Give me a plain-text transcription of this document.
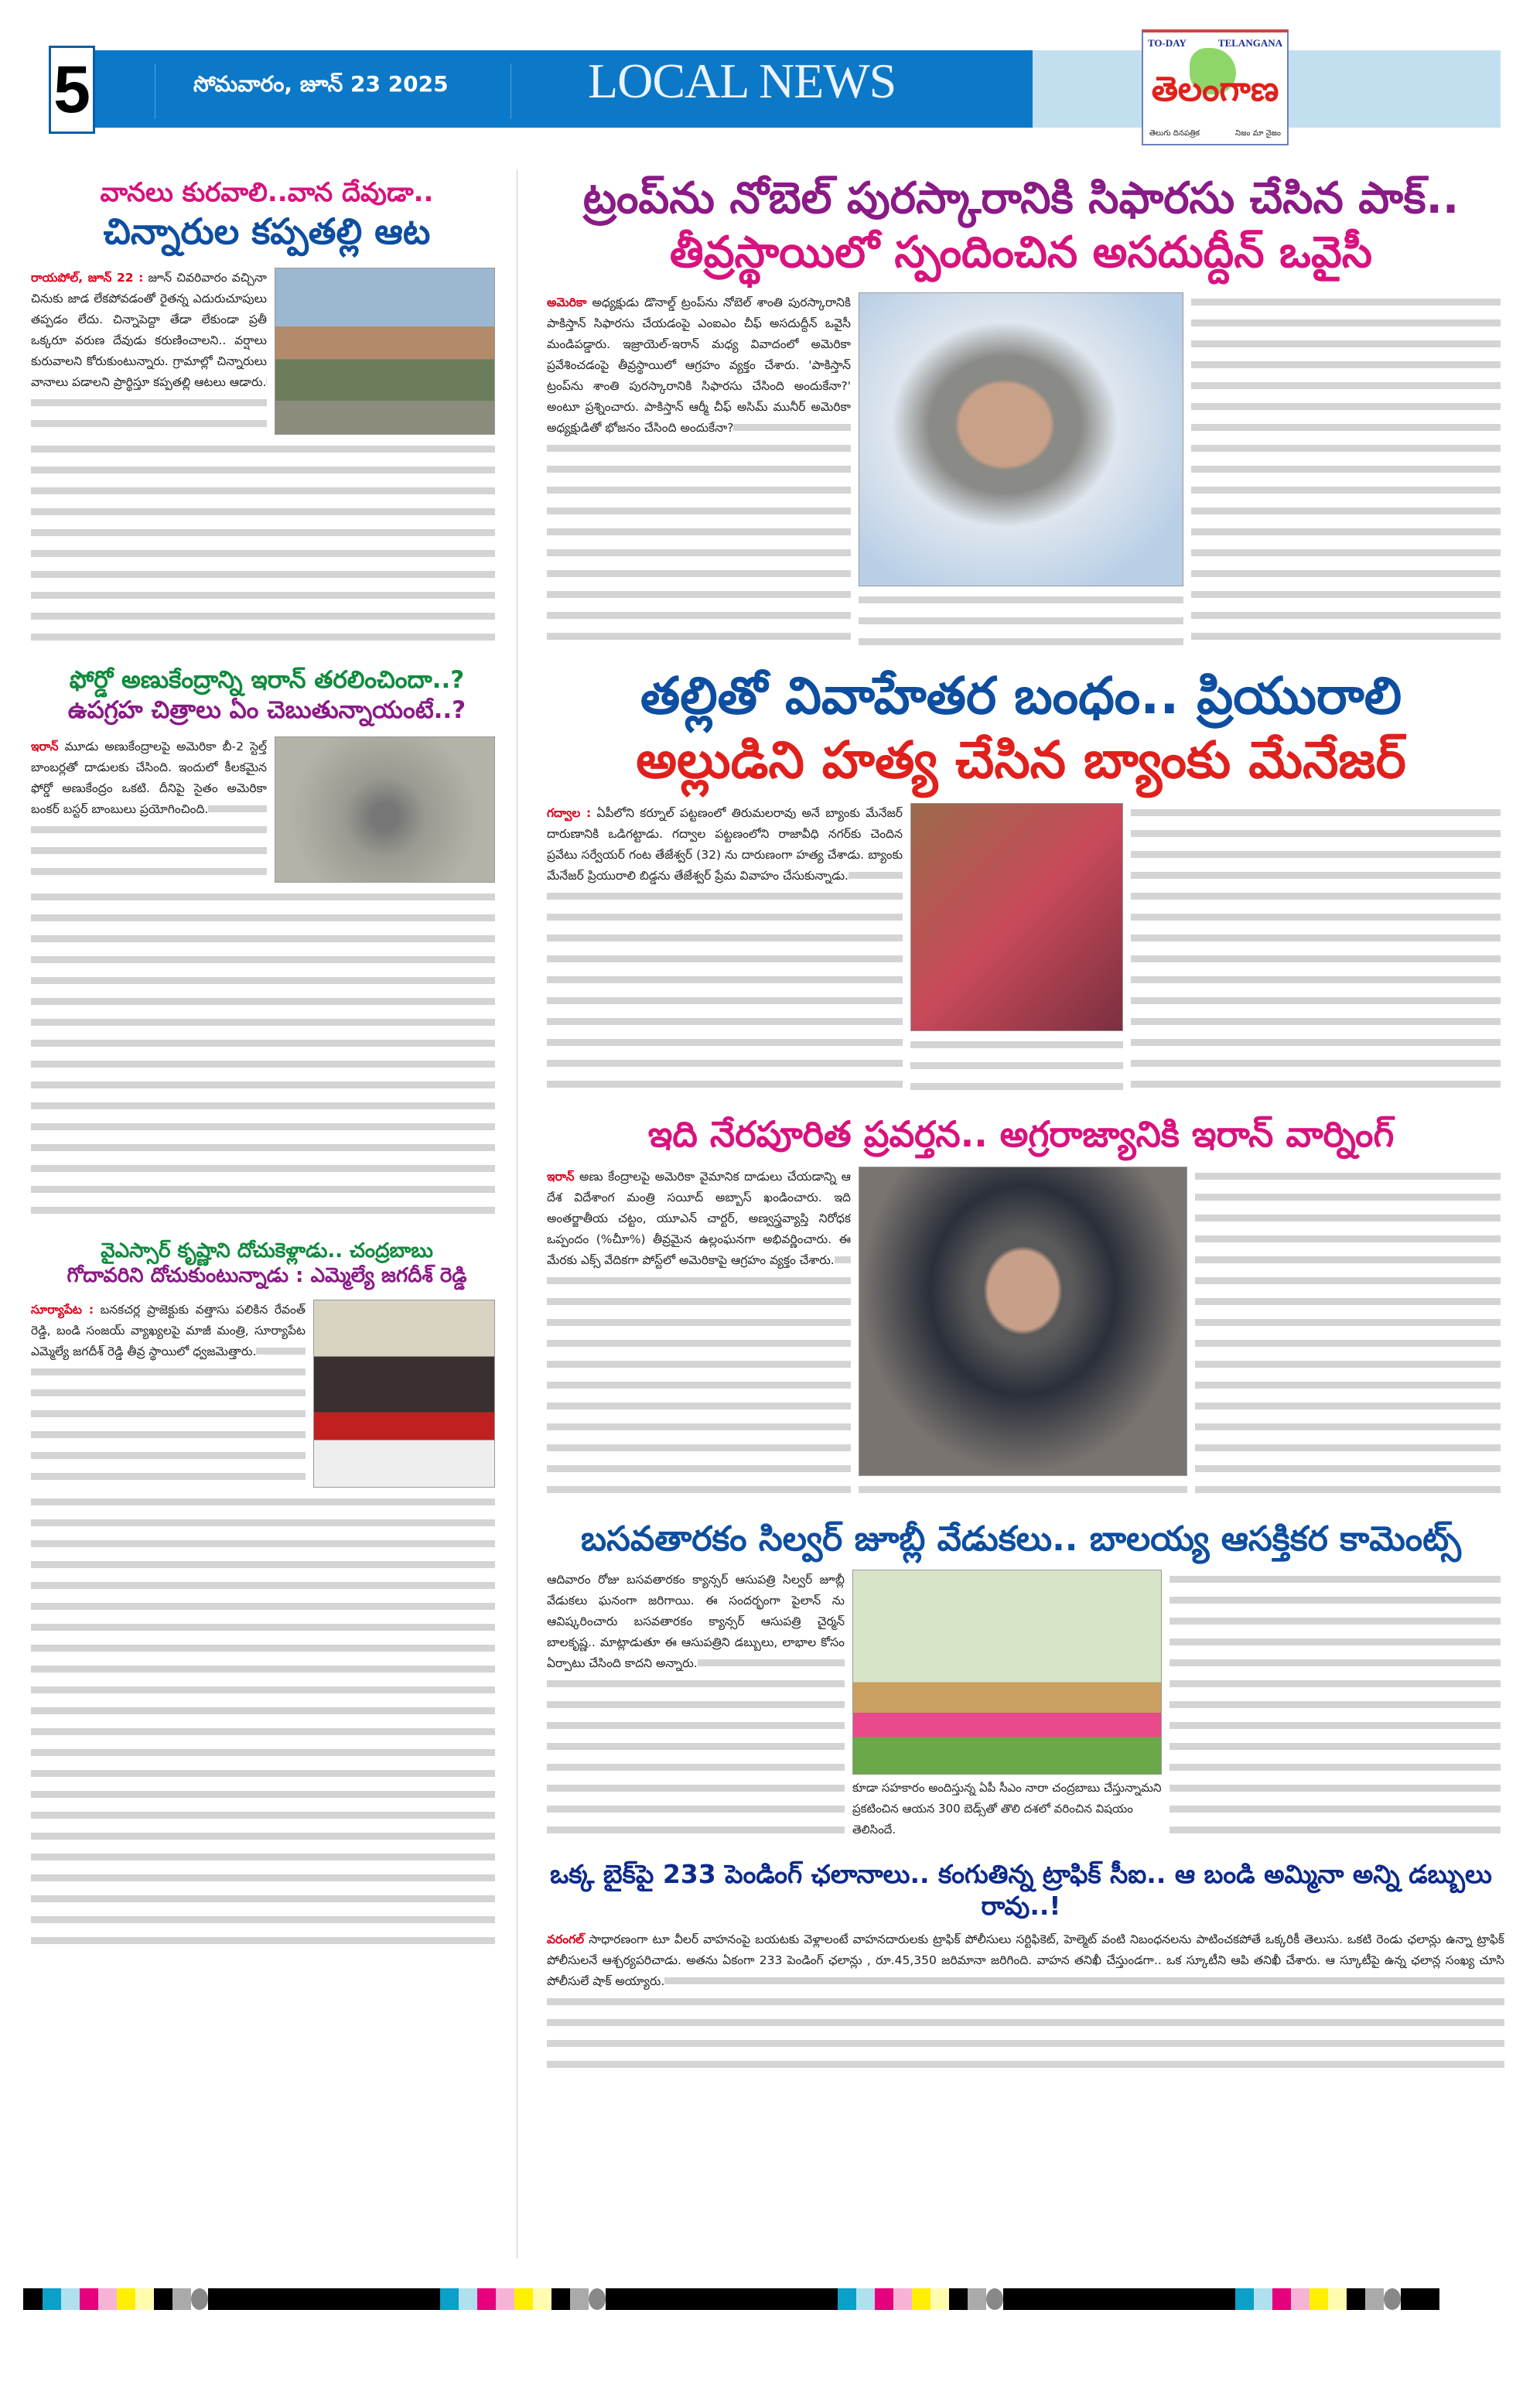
5	సోమవారం, జూన్ 23 2025	LOCAL NEWS
TO-DAY	TELANGANA
తెలంగాణ
తెలుగు దినపత్రిక	నిజం మా నైజం
వానలు కురవాలి..వాన దేవుడా..
చిన్నారుల కప్పతల్లి ఆట
రాయపోల్, జూన్ 22 : జూన్ చివరివారం వచ్చినా చినుకు జాడ లేకపోవడంతో రైతన్న ఎదురుచూపులు తప్పడం లేదు. చిన్నాపెద్దా తేడా లేకుండా ప్రతీ ఒక్కరూ వరుణ దేవుడు కరుణించాలని.. వర్షాలు కురువాలని కోరుకుంటున్నారు. గ్రామాల్లో చిన్నారులు వానాలు పడాలని ప్రార్థిస్తూ కప్పతల్లి ఆటలు ఆడారు.
ఫోర్డో అణుకేంద్రాన్ని ఇరాన్ తరలించిందా..?
ఉపగ్రహ చిత్రాలు ఏం చెబుతున్నాయంటే..?
ఇరాన్ మూడు అణుకేంద్రాలపై అమెరికా బీ-2 స్టెల్త్ బాంబర్లతో దాడులకు చేసింది. ఇందులో కీలకమైన ఫోర్డో అణుకేంద్రం ఒకటి. దీనిపై సైతం అమెరికా బంకర్ బస్టర్ బాంబులు ప్రయోగించింది.
వైఎస్సార్ కృష్ణాని దోచుకెళ్లాడు.. చంద్రబాబు
గోదావరిని దోచుకుంటున్నాడు : ఎమ్మెల్యే జగదీశ్ రెడ్డి
సూర్యాపేట : బనకచర్ల ప్రాజెక్టుకు వత్తాసు పలికిన రేవంత్ రెడ్డి, బండి సంజయ్ వ్యాఖ్యలపై మాజీ మంత్రి, సూర్యాపేట ఎమ్మెల్యే జగదీశ్ రెడ్డి తీవ్ర స్థాయిలో ధ్వజమెత్తారు.
ట్రంప్‌ను నోబెల్ పురస్కారానికి సిఫారసు చేసిన పాక్..
తీవ్రస్థాయిలో స్పందించిన అసదుద్దీన్ ఒవైసీ
అమెరికా అధ్యక్షుడు డొనాల్డ్ ట్రంప్‌ను నోబెల్ శాంతి పురస్కారానికి పాకిస్తాన్ సిఫారసు చేయడంపై ఎంఐఎం చీఫ్ అసదుద్దీన్ ఒవైసీ మండిపడ్డారు. ఇజ్రాయెల్-ఇరాన్ మధ్య వివాదంలో అమెరికా ప్రవేశించడంపై తీవ్రస్థాయిలో ఆగ్రహం వ్యక్తం చేశారు. 'పాకిస్తాన్ ట్రంప్‌ను శాంతి పురస్కారానికి సిఫారసు చేసింది అందుకేనా?' అంటూ ప్రశ్నించారు. పాకిస్తాన్ ఆర్మీ చీఫ్ అసిమ్ మునీర్ అమెరికా అధ్యక్షుడితో భోజనం చేసింది అందుకేనా?
తల్లితో వివాహేతర బంధం.. ప్రియురాలి
అల్లుడిని హత్య చేసిన బ్యాంకు మేనేజర్
గద్వాల : ఏపీలోని కర్నూల్ పట్టణంలో తిరుమలరావు అనే బ్యాంకు మేనేజర్ దారుణానికి ఒడిగట్టాడు. గద్వాల పట్టణంలోని రాజావీధి నగర్‌కు చెందిన ప్రవేటు సర్వేయర్ గంట తేజేశ్వర్ (32) ను దారుణంగా హత్య చేశాడు. బ్యాంకు మేనేజర్ ప్రియురాలి బిడ్డను తేజేశ్వర్ ప్రేమ వివాహం చేసుకున్నాడు.
ఇది నేరపూరిత ప్రవర్తన.. అగ్రరాజ్యానికి ఇరాన్ వార్నింగ్
ఇరాన్ అణు కేంద్రాలపై అమెరికా వైమానిక దాడులు చేయడాన్ని ఆ దేశ విదేశాంగ మంత్రి సయీద్ అబ్బాస్ ఖండించారు. ఇది అంతర్జాతీయ చట్టం, యూఎన్ చార్టర్, అణ్వస్త్రవ్యాప్తి నిరోధక ఒప్పందం (%చీూ%) తీవ్రమైన ఉల్లంఘనగా అభివర్ణించారు. ఈ మేరకు ఎక్స్ వేదికగా పోస్ట్‌లో అమెరికాపై ఆగ్రహం వ్యక్తం చేశారు.
బసవతారకం సిల్వర్ జూబ్లీ వేడుకలు.. బాలయ్య ఆసక్తికర కామెంట్స్
ఆదివారం రోజు బసవతారకం క్యాన్సర్ ఆసుపత్రి సిల్వర్ జూబ్లీ వేడుకలు ఘనంగా జరిగాయి. ఈ సందర్భంగా పైలాన్ ను ఆవిష్కరించారు బసవతారకం క్యాన్సర్ ఆసుపత్రి చైర్మన్ బాలకృష్ణ.. మాట్లాడుతూ ఈ ఆసుపత్రిని డబ్బులు, లాభాల కోసం ఏర్పాటు చేసింది కాదని అన్నారు.
కూడా సహకారం అందిస్తున్న ఏపీ సీఎం నారా చంద్రబాబు చేస్తున్నామని ప్రకటించిన ఆయన 300 బెడ్స్‌తో తొలి దశలో వరించిన విషయం తెలిసిందే.
ఒక్క బైక్‌పై 233 పెండింగ్ ఛలానాలు.. కంగుతిన్న ట్రాఫిక్ సీఐ.. ఆ బండి అమ్మినా అన్ని డబ్బులు రావు..!
వరంగల్ సాధారణంగా టూ వీలర్ వాహనంపై బయటకు వెళ్లాలంటే వాహనదారులకు ట్రాఫిక్ పోలీసులు సర్టిఫికెట్, హెల్మెట్ వంటి నిబంధనలను పాటించకపోతే ఒక్కరికీ తెలుసు. ఒకటి రెండు ఛలాన్లు ఉన్నా ట్రాఫిక్ పోలీసులనే ఆశ్చర్యపరిచాడు. అతను ఏకంగా 233 పెండింగ్ ఛలాన్లు , రూ.45,350 జరిమానా జరిగింది. వాహన తనిఖీ చేస్తుండగా.. ఒక స్కూటీని ఆపి తనిఖీ చేశారు. ఆ స్కూటీపై ఉన్న ఛలాన్ల సంఖ్య చూసి పోలీసులే షాక్ అయ్యారు.
